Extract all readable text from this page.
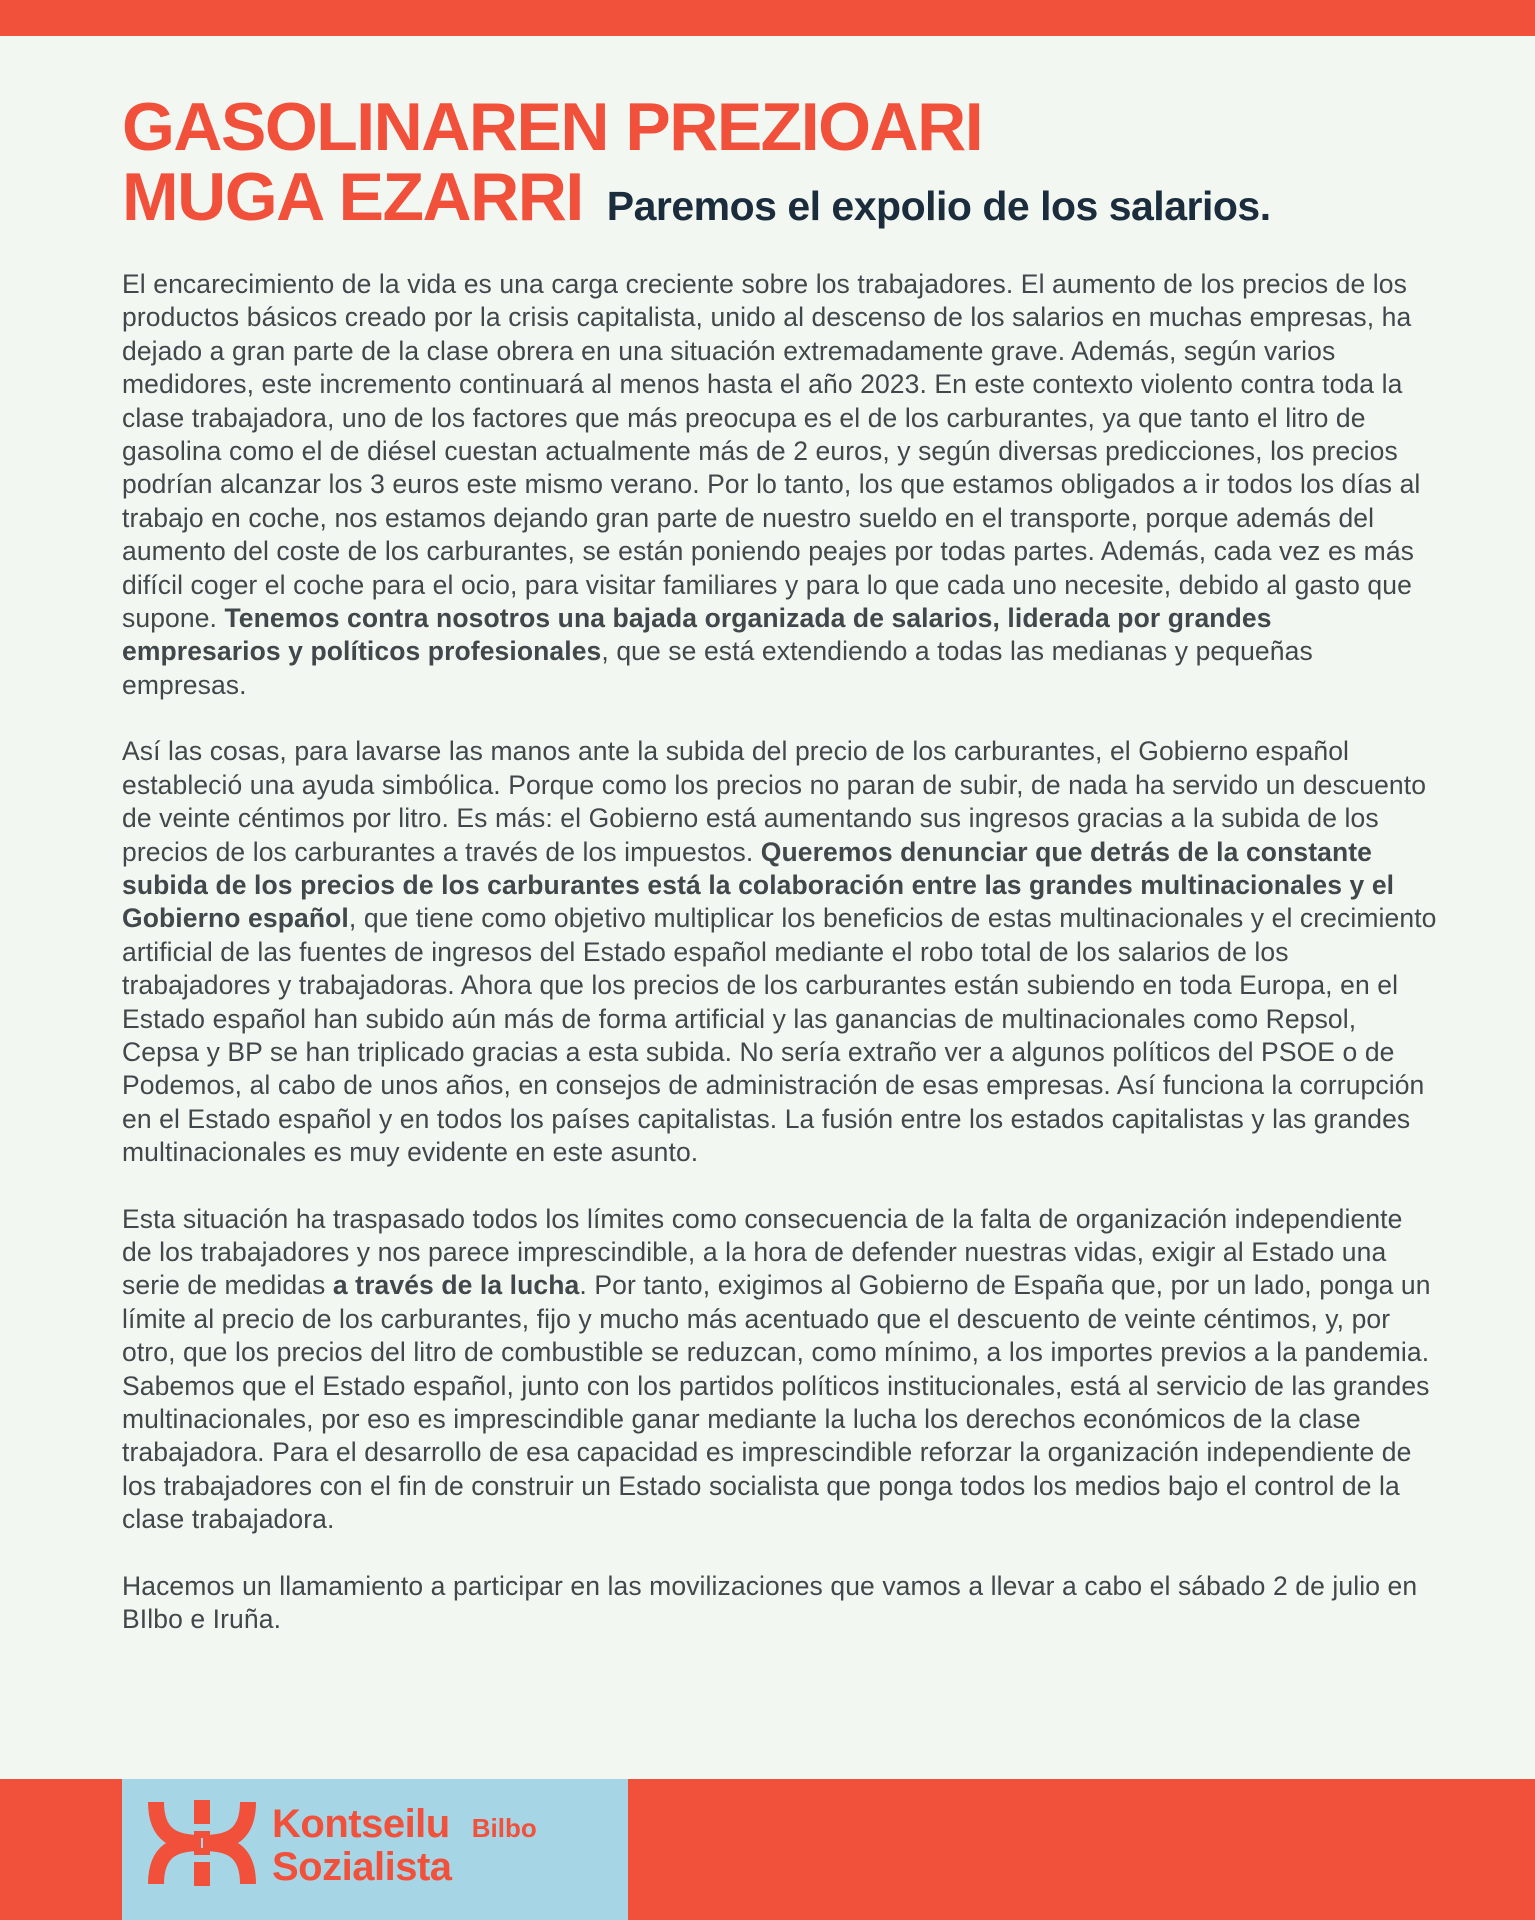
GASOLINAREN PREZIOARI
MUGA EZARRI Paremos el expolio de los salarios.

El encarecimiento de la vida es una carga creciente sobre los trabajadores. El aumento de los precios de los productos básicos creado por la crisis capitalista, unido al descenso de los salarios en muchas empresas, ha dejado a gran parte de la clase obrera en una situación extremadamente grave. Además, según varios medidores, este incremento continuará al menos hasta el año 2023. En este contexto violento contra toda la clase trabajadora, uno de los factores que más preocupa es el de los carburantes, ya que tanto el litro de gasolina como el de diésel cuestan actualmente más de 2 euros, y según diversas predicciones, los precios podrían alcanzar los 3 euros este mismo verano. Por lo tanto, los que estamos obligados a ir todos los días al trabajo en coche, nos estamos dejando gran parte de nuestro sueldo en el transporte, porque además del aumento del coste de los carburantes, se están poniendo peajes por todas partes. Además, cada vez es más difícil coger el coche para el ocio, para visitar familiares y para lo que cada uno necesite, debido al gasto que supone. Tenemos contra nosotros una bajada organizada de salarios, liderada por grandes empresarios y políticos profesionales, que se está extendiendo a todas las medianas y pequeñas empresas.

Así las cosas, para lavarse las manos ante la subida del precio de los carburantes, el Gobierno español estableció una ayuda simbólica. Porque como los precios no paran de subir, de nada ha servido un descuento de veinte céntimos por litro. Es más: el Gobierno está aumentando sus ingresos gracias a la subida de los precios de los carburantes a través de los impuestos. Queremos denunciar que detrás de la constante subida de los precios de los carburantes está la colaboración entre las grandes multinacionales y el Gobierno español, que tiene como objetivo multiplicar los beneficios de estas multinacionales y el crecimiento artificial de las fuentes de ingresos del Estado español mediante el robo total de los salarios de los trabajadores y trabajadoras. Ahora que los precios de los carburantes están subiendo en toda Europa, en el Estado español han subido aún más de forma artificial y las ganancias de multinacionales como Repsol, Cepsa y BP se han triplicado gracias a esta subida. No sería extraño ver a algunos políticos del PSOE o de Podemos, al cabo de unos años, en consejos de administración de esas empresas. Así funciona la corrupción en el Estado español y en todos los países capitalistas. La fusión entre los estados capitalistas y las grandes multinacionales es muy evidente en este asunto.

Esta situación ha traspasado todos los límites como consecuencia de la falta de organización independiente de los trabajadores y nos parece imprescindible, a la hora de defender nuestras vidas, exigir al Estado una serie de medidas a través de la lucha. Por tanto, exigimos al Gobierno de España que, por un lado, ponga un límite al precio de los carburantes, fijo y mucho más acentuado que el descuento de veinte céntimos, y, por otro, que los precios del litro de combustible se reduzcan, como mínimo, a los importes previos a la pandemia. Sabemos que el Estado español, junto con los partidos políticos institucionales, está al servicio de las grandes multinacionales, por eso es imprescindible ganar mediante la lucha los derechos económicos de la clase trabajadora. Para el desarrollo de esa capacidad es imprescindible reforzar la organización independiente de los trabajadores con el fin de construir un Estado socialista que ponga todos los medios bajo el control de la clase trabajadora.

Hacemos un llamamiento a participar en las movilizaciones que vamos a llevar a cabo el sábado 2 de julio en BIlbo e Iruña.

Kontseilu Bilbo
Sozialista
